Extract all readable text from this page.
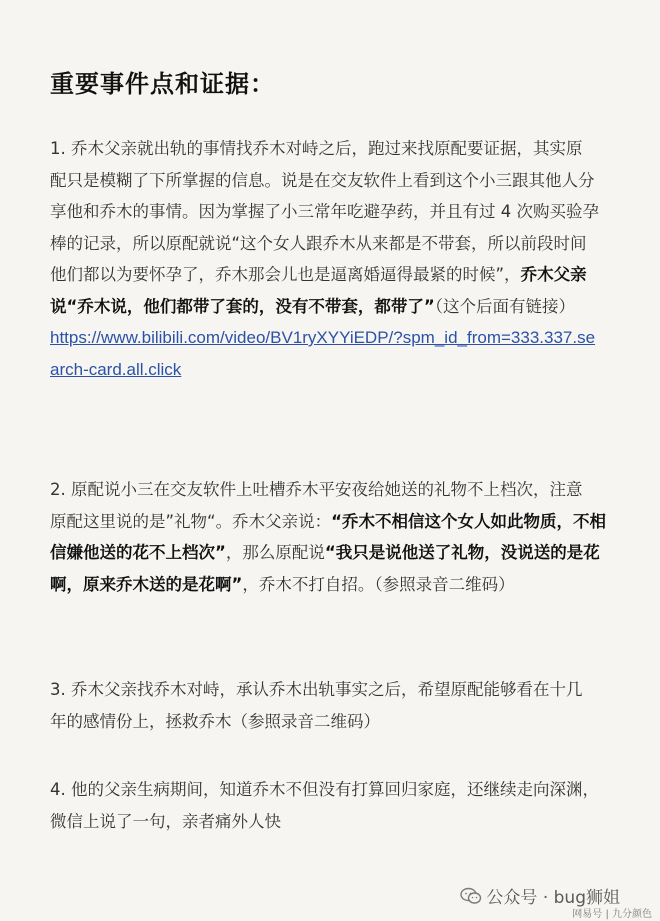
重要事件点和证据：
1. 乔木父亲就出轨的事情找乔木对峙之后，跑过来找原配要证据，其实原
配只是模糊了下所掌握的信息。说是在交友软件上看到这个小三跟其他人分
享他和乔木的事情。因为掌握了小三常年吃避孕药，并且有过 4 次购买验孕
棒的记录，所以原配就说“这个女人跟乔木从来都是不带套，所以前段时间
他们都以为要怀孕了，乔木那会儿也是逼离婚逼得最紧的时候”，乔木父亲
说“乔木说，他们都带了套的，没有不带套，都带了”（这个后面有链接）
https://www.bilibili.com/video/BV1ryXYYiEDP/?spm_id_from=333.337.se
arch-card.all.click
2. 原配说小三在交友软件上吐槽乔木平安夜给她送的礼物不上档次，注意
原配这里说的是”礼物“。乔木父亲说：“乔木不相信这个女人如此物质，不相
信嫌他送的花不上档次”，那么原配说“我只是说他送了礼物，没说送的是花
啊，原来乔木送的是花啊”，乔木不打自招。（参照录音二维码）
3. 乔木父亲找乔木对峙，承认乔木出轨事实之后，希望原配能够看在十几
年的感情份上，拯救乔木（参照录音二维码）
4. 他的父亲生病期间，知道乔木不但没有打算回归家庭，还继续走向深渊，
微信上说了一句，亲者痛外人快
公众号 · bug狮姐
网易号 | 九分颜色
